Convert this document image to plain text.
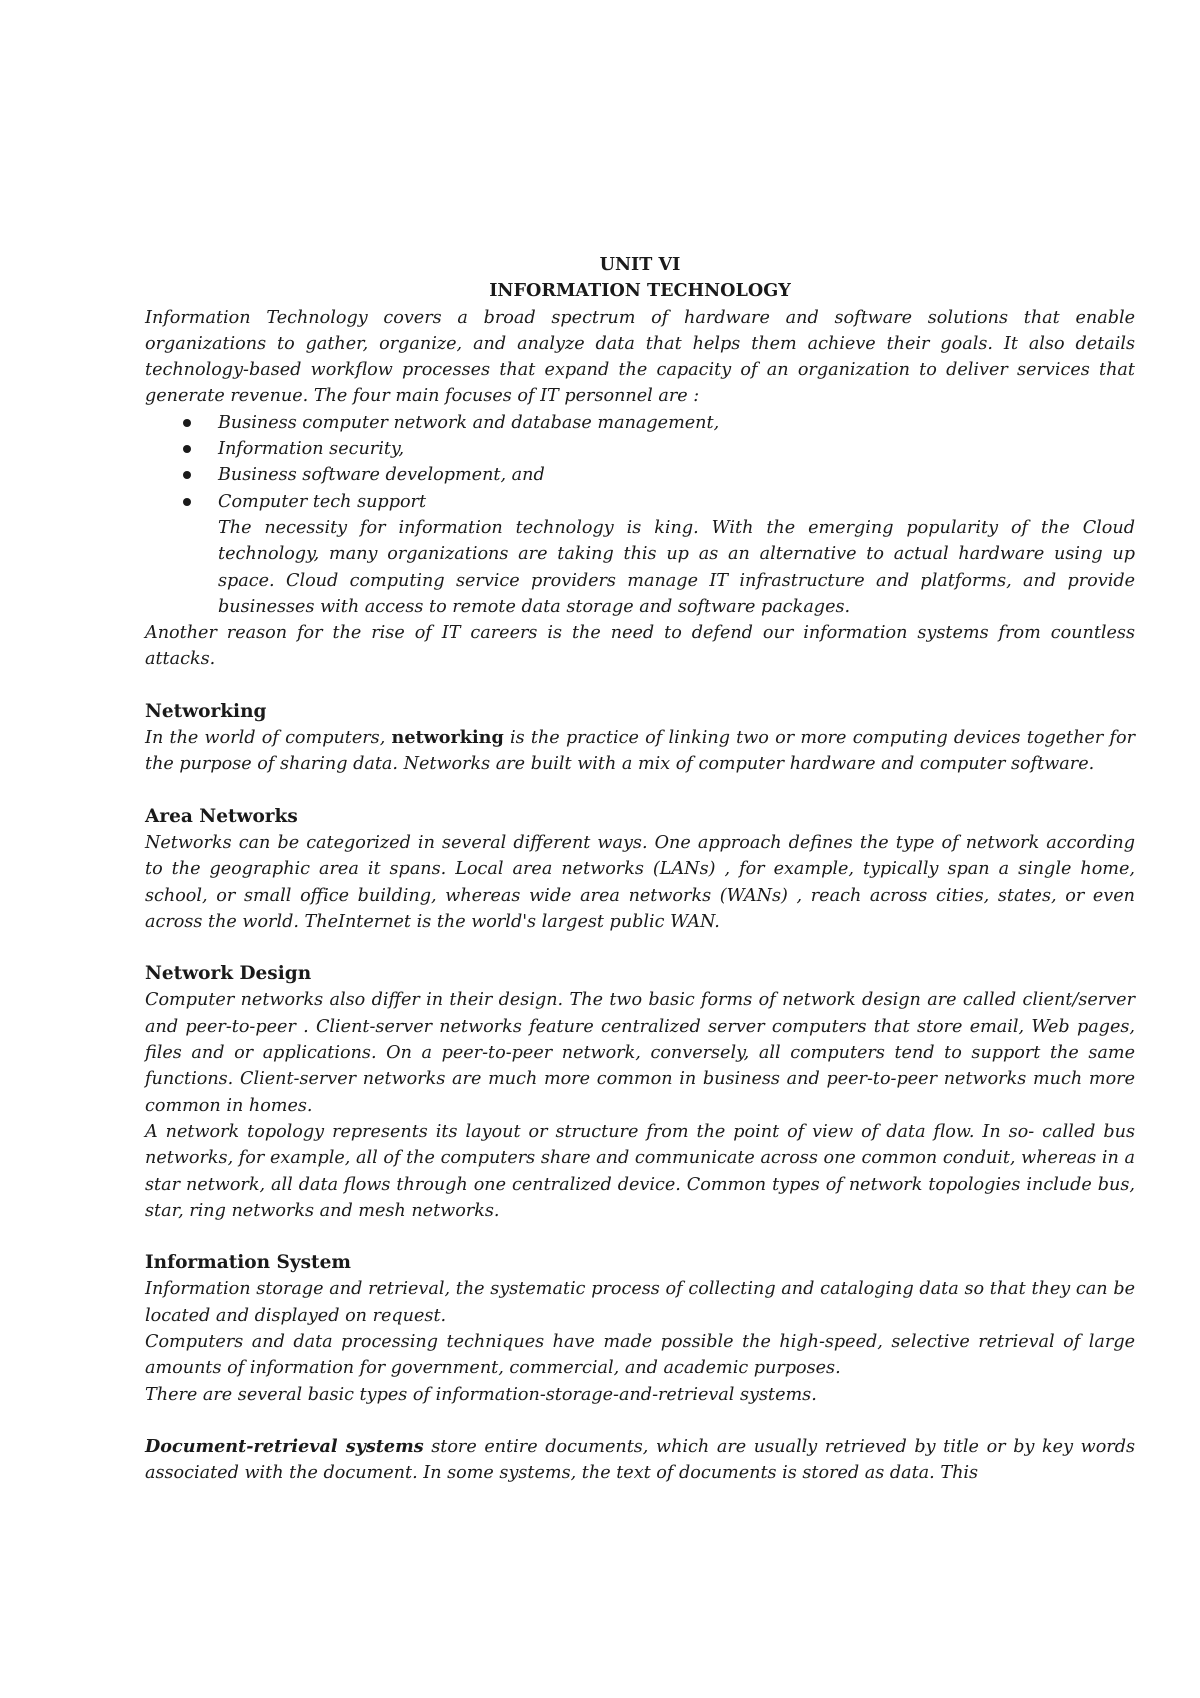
UNIT VI
INFORMATION TECHNOLOGY

Information Technology covers a broad spectrum of hardware and software solutions that enable organizations to gather, organize, and analyze data that helps them achieve their goals. It also details technology-based workflow processes that expand the capacity of an organization to deliver services that generate revenue. The four main focuses of IT personnel are :

Business computer network and database management,
Information security,
Business software development, and
Computer tech support

The necessity for information technology is king. With the emerging popularity of the Cloud technology, many organizations are taking this up as an alternative to actual hardware using up space. Cloud computing service providers manage IT infrastructure and platforms, and provide businesses with access to remote data storage and software packages.

Another reason for the rise of IT careers is the need to defend our information systems from countless attacks.

Networking

In the world of computers, networking is the practice of linking two or more computing devices together for the purpose of sharing data. Networks are built with a mix of computer hardware and computer software.

Area Networks

Networks can be categorized in several different ways. One approach defines the type of network according to the geographic area it spans. Local area networks (LANs) , for example, typically span a single home, school, or small office building, whereas wide area networks (WANs) , reach across cities, states, or even across the world. TheInternet is the world's largest public WAN.

Network Design

Computer networks also differ in their design. The two basic forms of network design are called client/server and peer-to-peer . Client-server networks feature centralized server computers that store email, Web pages, files and or applications. On a peer-to-peer network, conversely, all computers tend to support the same functions. Client-server networks are much more common in business and peer-to-peer networks much more common in homes.

A network topology represents its layout or structure from the point of view of data flow. In so- called bus networks, for example, all of the computers share and communicate across one common conduit, whereas in a star network, all data flows through one centralized device. Common types of network topologies include bus, star, ring networks and mesh networks.

Information System

Information storage and retrieval, the systematic process of collecting and cataloging data so that they can be located and displayed on request.

Computers and data processing techniques have made possible the high-speed, selective retrieval of large amounts of information for government, commercial, and academic purposes.

There are several basic types of information-storage-and-retrieval systems.

Document-retrieval systems store entire documents, which are usually retrieved by title or by key words associated with the document. In some systems, the text of documents is stored as data. This
